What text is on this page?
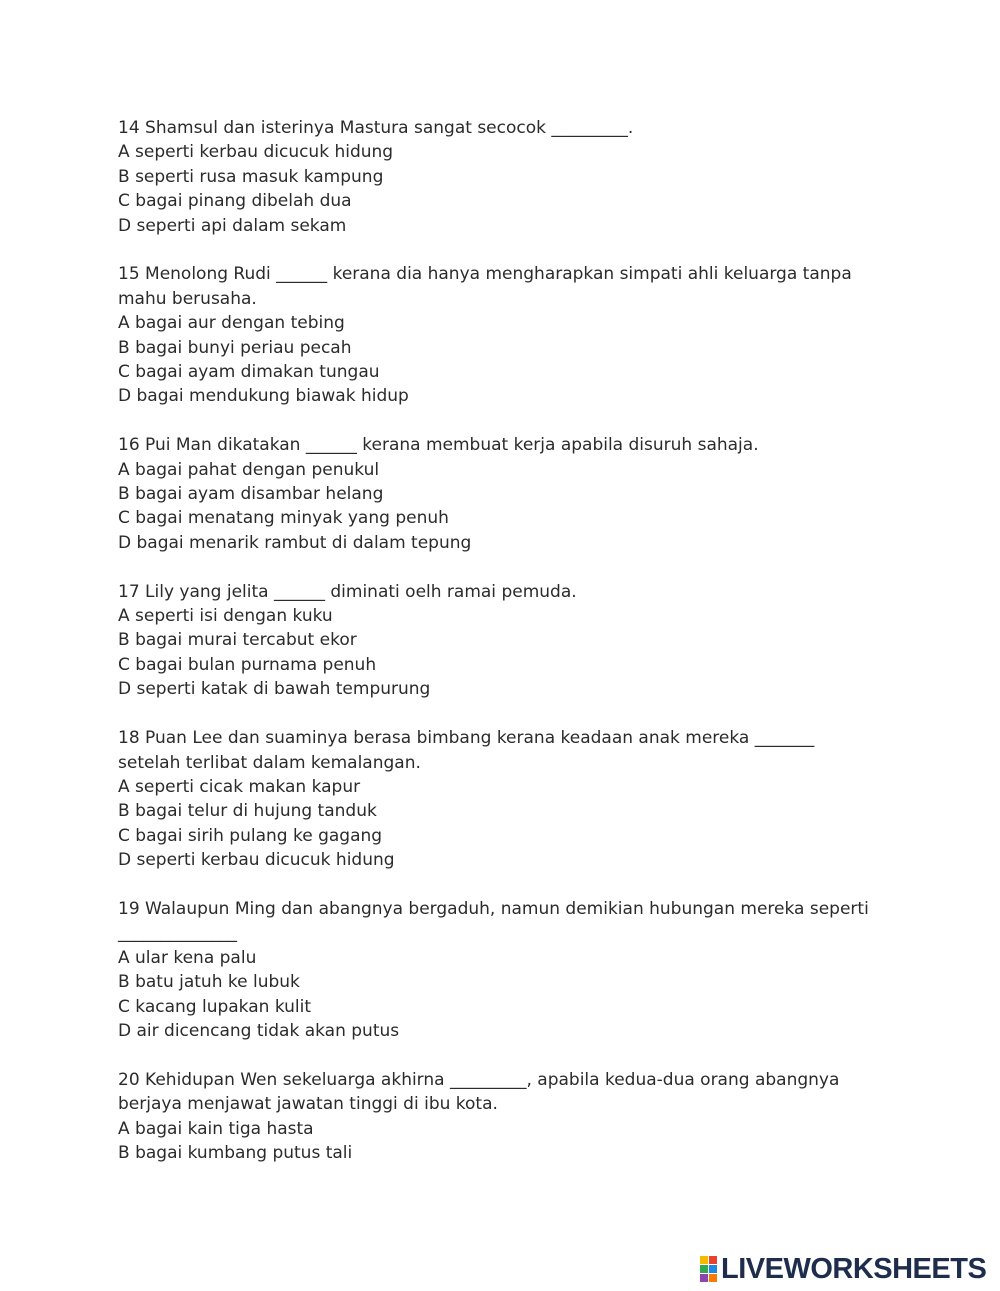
14 Shamsul dan isterinya Mastura sangat secocok _________.
A seperti kerbau dicucuk hidung
B seperti rusa masuk kampung
C bagai pinang dibelah dua
D seperti api dalam sekam
15 Menolong Rudi ______ kerana dia hanya mengharapkan simpati ahli keluarga tanpa
mahu berusaha.
A bagai aur dengan tebing
B bagai bunyi periau pecah
C bagai ayam dimakan tungau
D bagai mendukung biawak hidup
16 Pui Man dikatakan ______ kerana membuat kerja apabila disuruh sahaja.
A bagai pahat dengan penukul
B bagai ayam disambar helang
C bagai menatang minyak yang penuh
D bagai menarik rambut di dalam tepung
17 Lily yang jelita ______ diminati oelh ramai pemuda.
A seperti isi dengan kuku
B bagai murai tercabut ekor
C bagai bulan purnama penuh
D seperti katak di bawah tempurung
18 Puan Lee dan suaminya berasa bimbang kerana keadaan anak mereka _______
setelah terlibat dalam kemalangan.
A seperti cicak makan kapur
B bagai telur di hujung tanduk
C bagai sirih pulang ke gagang
D seperti kerbau dicucuk hidung
19 Walaupun Ming dan abangnya bergaduh, namun demikian hubungan mereka seperti
______________
A ular kena palu
B batu jatuh ke lubuk
C kacang lupakan kulit
D air dicencang tidak akan putus
20 Kehidupan Wen sekeluarga akhirna _________, apabila kedua-dua orang abangnya
berjaya menjawat jawatan tinggi di ibu kota.
A bagai kain tiga hasta
B bagai kumbang putus tali
LIVEWORKSHEETS
